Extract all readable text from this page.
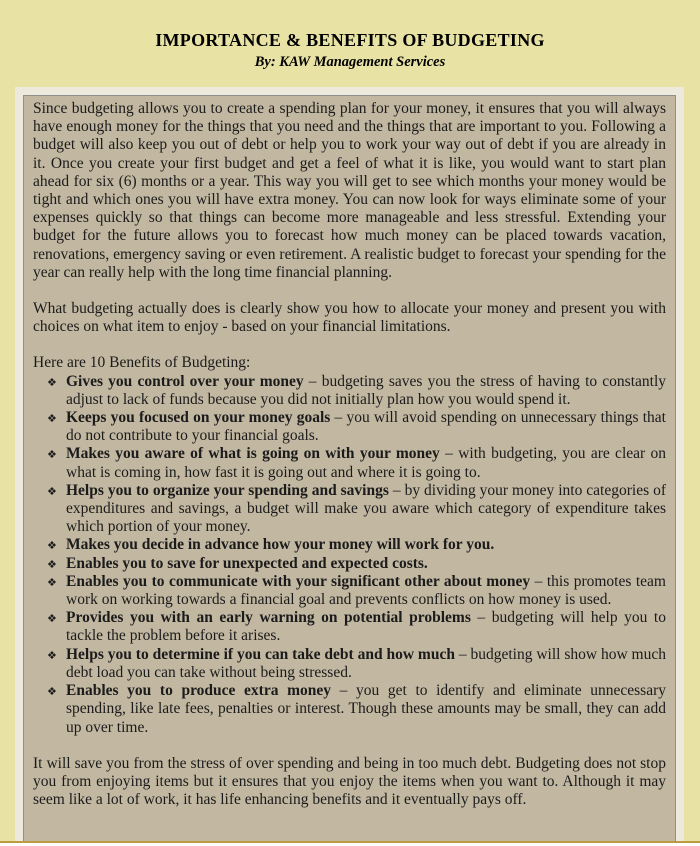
IMPORTANCE & BENEFITS OF BUDGETING
By: KAW Management Services

Since budgeting allows you to create a spending plan for your money, it ensures that you will always have enough money for the things that you need and the things that are important to you. Following a budget will also keep you out of debt or help you to work your way out of debt if you are already in it. Once you create your first budget and get a feel of what it is like, you would want to start plan ahead for six (6) months or a year. This way you will get to see which months your money would be tight and which ones you will have extra money. You can now look for ways eliminate some of your expenses quickly so that things can become more manageable and less stressful. Extending your budget for the future allows you to forecast how much money can be placed towards vacation, renovations, emergency saving or even retirement. A realistic budget to forecast your spending for the year can really help with the long time financial planning.

What budgeting actually does is clearly show you how to allocate your money and present you with choices on what item to enjoy - based on your financial limitations.

Here are 10 Benefits of Budgeting:

❖ Gives you control over your money – budgeting saves you the stress of having to constantly adjust to lack of funds because you did not initially plan how you would spend it.
❖ Keeps you focused on your money goals – you will avoid spending on unnecessary things that do not contribute to your financial goals.
❖ Makes you aware of what is going on with your money – with budgeting, you are clear on what is coming in, how fast it is going out and where it is going to.
❖ Helps you to organize your spending and savings – by dividing your money into categories of expenditures and savings, a budget will make you aware which category of expenditure takes which portion of your money.
❖ Makes you decide in advance how your money will work for you.
❖ Enables you to save for unexpected and expected costs.
❖ Enables you to communicate with your significant other about money – this promotes team work on working towards a financial goal and prevents conflicts on how money is used.
❖ Provides you with an early warning on potential problems – budgeting will help you to tackle the problem before it arises.
❖ Helps you to determine if you can take debt and how much – budgeting will show how much debt load you can take without being stressed.
❖ Enables you to produce extra money – you get to identify and eliminate unnecessary spending, like late fees, penalties or interest. Though these amounts may be small, they can add up over time.

It will save you from the stress of over spending and being in too much debt. Budgeting does not stop you from enjoying items but it ensures that you enjoy the items when you want to. Although it may seem like a lot of work, it has life enhancing benefits and it eventually pays off.
